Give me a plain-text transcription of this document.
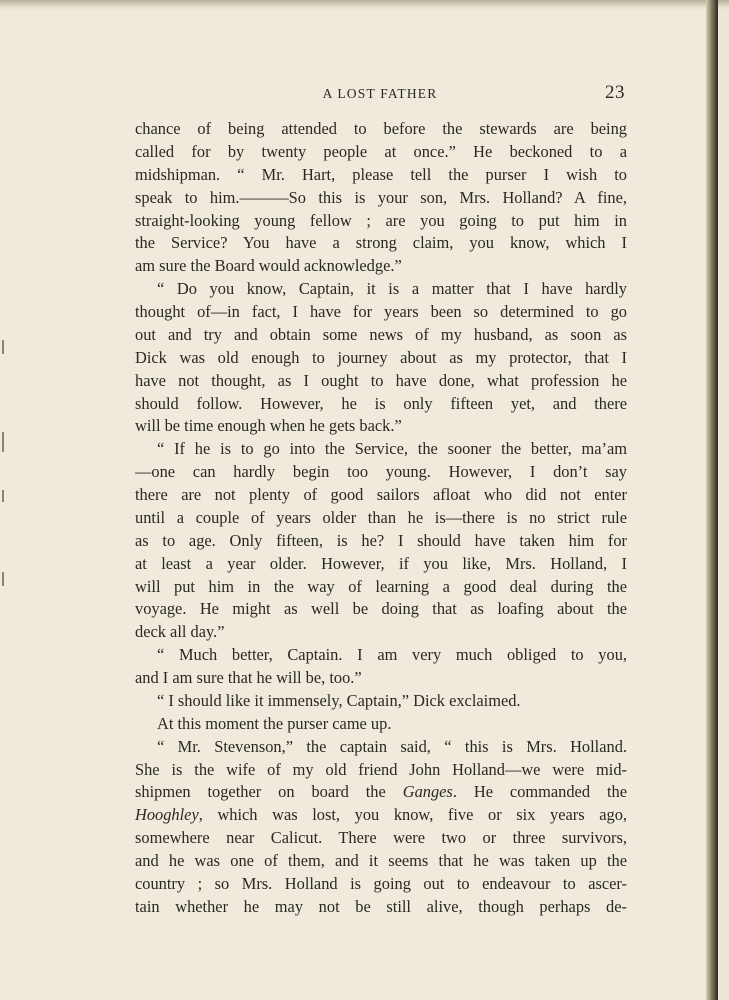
A LOST FATHER	23
chance of being attended to before the stewards are being
called for by twenty people at once.” He beckoned to a
midshipman. “ Mr. Hart, please tell the purser I wish to
speak to him.———So this is your son, Mrs. Holland? A fine,
straight-looking young fellow ; are you going to put him in
the Service? You have a strong claim, you know, which I
am sure the Board would acknowledge.”
“ Do you know, Captain, it is a matter that I have hardly
thought of—in fact, I have for years been so determined to go
out and try and obtain some news of my husband, as soon as
Dick was old enough to journey about as my protector, that I
have not thought, as I ought to have done, what profession he
should follow. However, he is only fifteen yet, and there
will be time enough when he gets back.”
“ If he is to go into the Service, the sooner the better, ma’am
—one can hardly begin too young. However, I don’t say
there are not plenty of good sailors afloat who did not enter
until a couple of years older than he is—there is no strict rule
as to age. Only fifteen, is he? I should have taken him for
at least a year older. However, if you like, Mrs. Holland, I
will put him in the way of learning a good deal during the
voyage. He might as well be doing that as loafing about the
deck all day.”
“ Much better, Captain. I am very much obliged to you,
and I am sure that he will be, too.”
“ I should like it immensely, Captain,” Dick exclaimed.
At this moment the purser came up.
“ Mr. Stevenson,” the captain said, “ this is Mrs. Holland.
She is the wife of my old friend John Holland—we were mid-
shipmen together on board the Ganges. He commanded the
Hooghley, which was lost, you know, five or six years ago,
somewhere near Calicut. There were two or three survivors,
and he was one of them, and it seems that he was taken up the
country ; so Mrs. Holland is going out to endeavour to ascer-
tain whether he may not be still alive, though perhaps de-
